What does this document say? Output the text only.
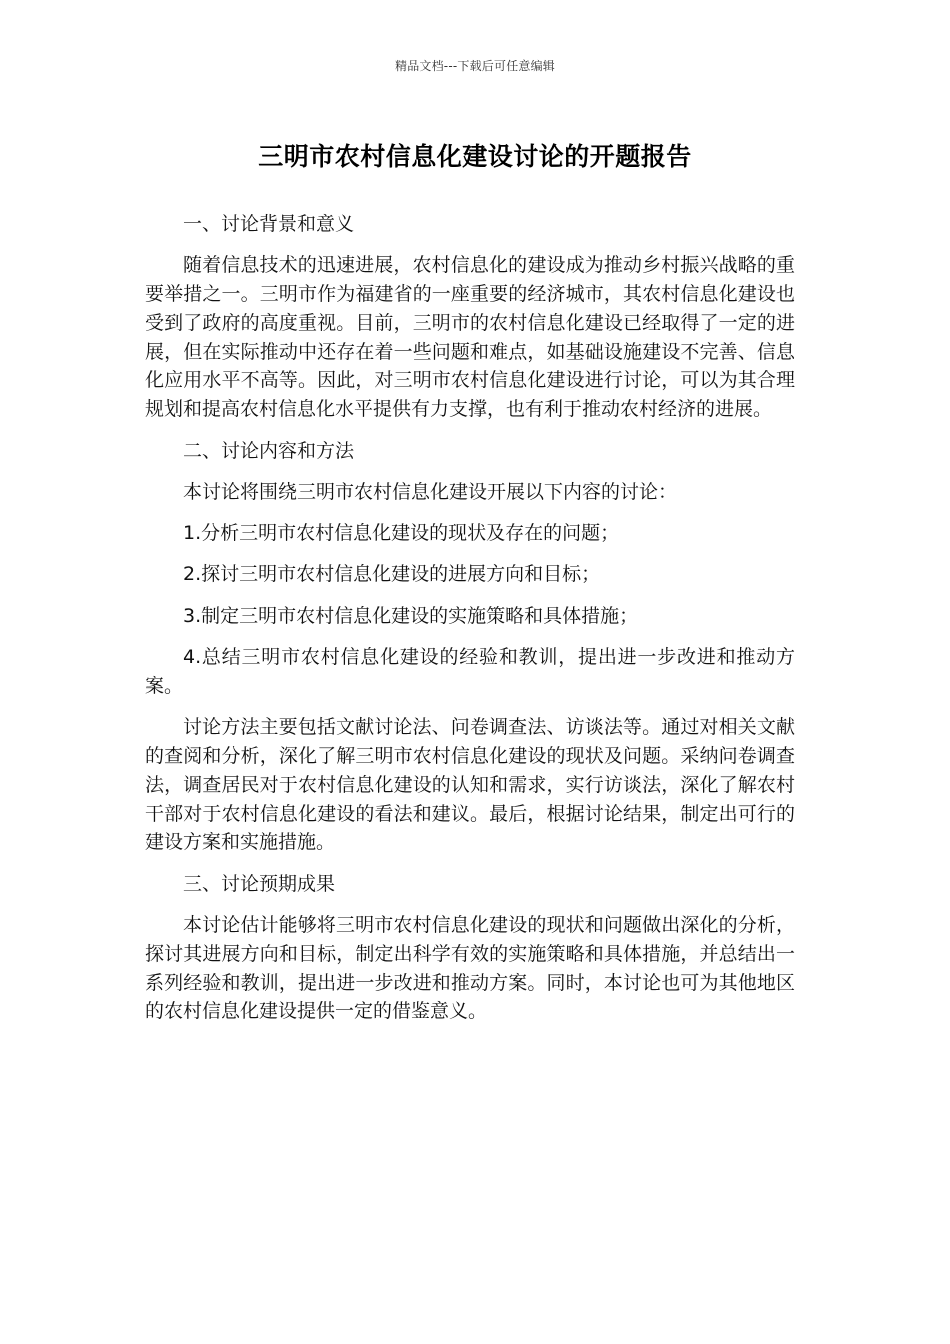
精品文档---下载后可任意编辑
三明市农村信息化建设讨论的开题报告

一、讨论背景和意义

随着信息技术的迅速进展，农村信息化的建设成为推动乡村振兴战略的重要举措之一。三明市作为福建省的一座重要的经济城市，其农村信息化建设也受到了政府的高度重视。目前，三明市的农村信息化建设已经取得了一定的进展，但在实际推动中还存在着一些问题和难点，如基础设施建设不完善、信息化应用水平不高等。因此，对三明市农村信息化建设进行讨论，可以为其合理规划和提高农村信息化水平提供有力支撑，也有利于推动农村经济的进展。

二、讨论内容和方法

本讨论将围绕三明市农村信息化建设开展以下内容的讨论：

1.分析三明市农村信息化建设的现状及存在的问题；

2.探讨三明市农村信息化建设的进展方向和目标；

3.制定三明市农村信息化建设的实施策略和具体措施；

4.总结三明市农村信息化建设的经验和教训，提出进一步改进和推动方案。

讨论方法主要包括文献讨论法、问卷调查法、访谈法等。通过对相关文献的查阅和分析，深化了解三明市农村信息化建设的现状及问题。采纳问卷调查法，调查居民对于农村信息化建设的认知和需求，实行访谈法，深化了解农村干部对于农村信息化建设的看法和建议。最后，根据讨论结果，制定出可行的建设方案和实施措施。

三、讨论预期成果

本讨论估计能够将三明市农村信息化建设的现状和问题做出深化的分析，探讨其进展方向和目标，制定出科学有效的实施策略和具体措施，并总结出一系列经验和教训，提出进一步改进和推动方案。同时，本讨论也可为其他地区的农村信息化建设提供一定的借鉴意义。
